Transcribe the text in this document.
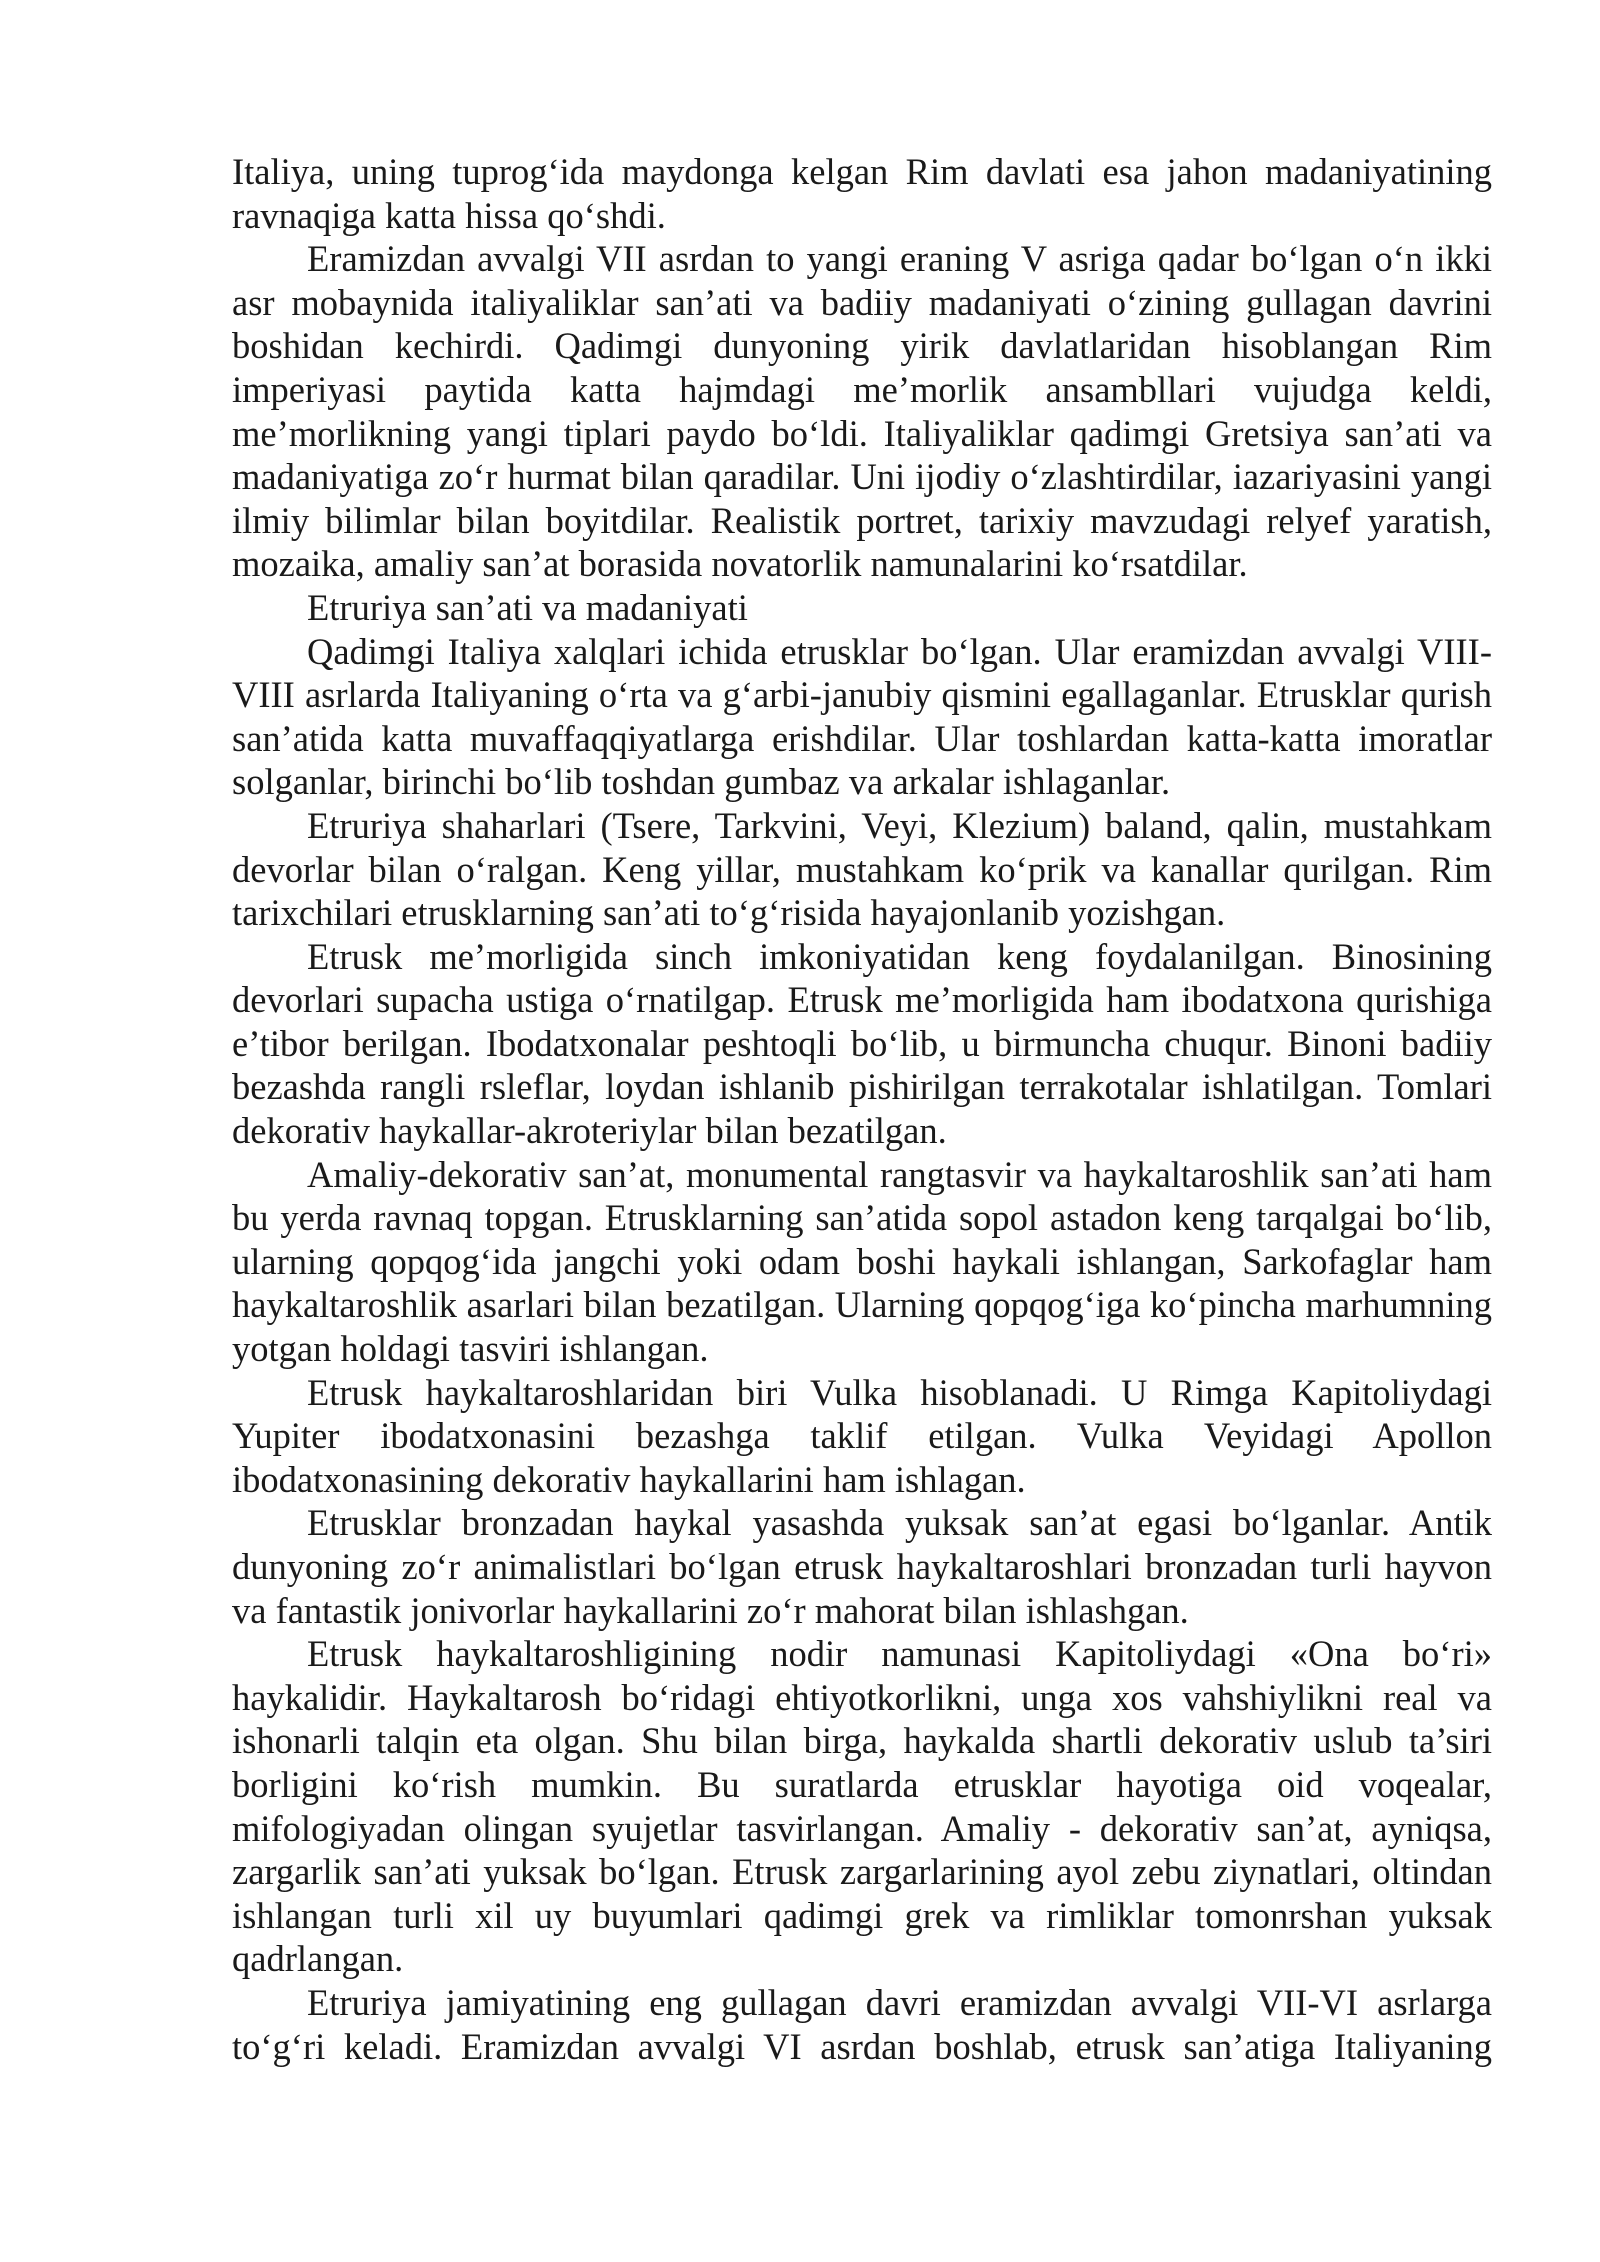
Italiya, uning tuprog‘ida maydonga kelgan Rim davlati esa jahon madaniyatining ravnaqiga katta hissa qo‘shdi.

Eramizdan avvalgi VII asrdan to yangi eraning V asriga qadar bo‘lgan o‘n ikki asr mobaynida italiyaliklar san’ati va badiiy madaniyati o‘zining gullagan davrini boshidan kechirdi. Qadimgi dunyoning yirik davlatlaridan hisoblangan Rim imperiyasi paytida katta hajmdagi me’morlik ansambllari vujudga keldi, me’morlikning yangi tiplari paydo bo‘ldi. Italiyaliklar qadimgi Gretsiya san’ati va madaniyatiga zo‘r hurmat bilan qaradilar. Uni ijodiy o‘zlashtirdilar, iazariyasini yangi ilmiy bilimlar bilan boyitdilar. Realistik portret, tarixiy mavzudagi relyef yaratish, mozaika, amaliy san’at borasida novatorlik namunalarini ko‘rsatdilar.

Etruriya san’ati va madaniyati

Qadimgi Italiya xalqlari ichida etrusklar bo‘lgan. Ular eramizdan avvalgi VIII-VIII asrlarda Italiyaning o‘rta va g‘arbi-janubiy qismini egallaganlar. Etrusklar qurish san’atida katta muvaffaqqiyatlarga erishdilar. Ular toshlardan katta-katta imoratlar solganlar, birinchi bo‘lib toshdan gumbaz va arkalar ishlaganlar.

Etruriya shaharlari (Tsere, Tarkvini, Veyi, Klezium) baland, qalin, mustahkam devorlar bilan o‘ralgan. Keng yillar, mustahkam ko‘prik va kanallar qurilgan. Rim tarixchilari etrusklarning san’ati to‘g‘risida hayajonlanib yozishgan.

Etrusk me’morligida sinch imkoniyatidan keng foydalanilgan. Binosining devorlari supacha ustiga o‘rnatilgap. Etrusk me’morligida ham ibodatxona qurishiga e’tibor berilgan. Ibodatxonalar peshtoqli bo‘lib, u birmuncha chuqur. Binoni badiiy bezashda rangli rsleflar, loydan ishlanib pishirilgan terrakotalar ishlatilgan. Tomlari dekorativ haykallar-akroteriylar bilan bezatilgan.

Amaliy-dekorativ san’at, monumental rangtasvir va haykaltaroshlik san’ati ham bu yerda ravnaq topgan. Etrusklarning san’atida sopol astadon keng tarqalgai bo‘lib, ularning qopqog‘ida jangchi yoki odam boshi haykali ishlangan, Sarkofaglar ham haykaltaroshlik asarlari bilan bezatilgan. Ularning qopqog‘iga ko‘pincha marhumning yotgan holdagi tasviri ishlangan.

Etrusk haykaltaroshlaridan biri Vulka hisoblanadi. U Rimga Kapitoliydagi Yupiter ibodatxonasini bezashga taklif etilgan. Vulka Veyidagi Apollon ibodatxonasining dekorativ haykallarini ham ishlagan.

Etrusklar bronzadan haykal yasashda yuksak san’at egasi bo‘lganlar. Antik dunyoning zo‘r animalistlari bo‘lgan etrusk haykaltaroshlari bronzadan turli hayvon va fantastik jonivorlar haykallarini zo‘r mahorat bilan ishlashgan.

Etrusk haykaltaroshligining nodir namunasi Kapitoliydagi «Ona bo‘ri» haykalidir. Haykaltarosh bo‘ridagi ehtiyotkorlikni, unga xos vahshiylikni real va ishonarli talqin eta olgan. Shu bilan birga, haykalda shartli dekorativ uslub ta’siri borligini ko‘rish mumkin. Bu suratlarda etrusklar hayotiga oid voqealar, mifologiyadan olingan syujetlar tasvirlangan. Amaliy - dekorativ san’at, ayniqsa, zargarlik san’ati yuksak bo‘lgan. Etrusk zargarlarining ayol zebu ziynatlari, oltindan ishlangan turli xil uy buyumlari qadimgi grek va rimliklar tomonrshan yuksak qadrlangan.

Etruriya jamiyatining eng gullagan davri eramizdan avvalgi VII-VI asrlarga to‘g‘ri keladi. Eramizdan avvalgi VI asrdan boshlab, etrusk san’atiga Italiyaning
